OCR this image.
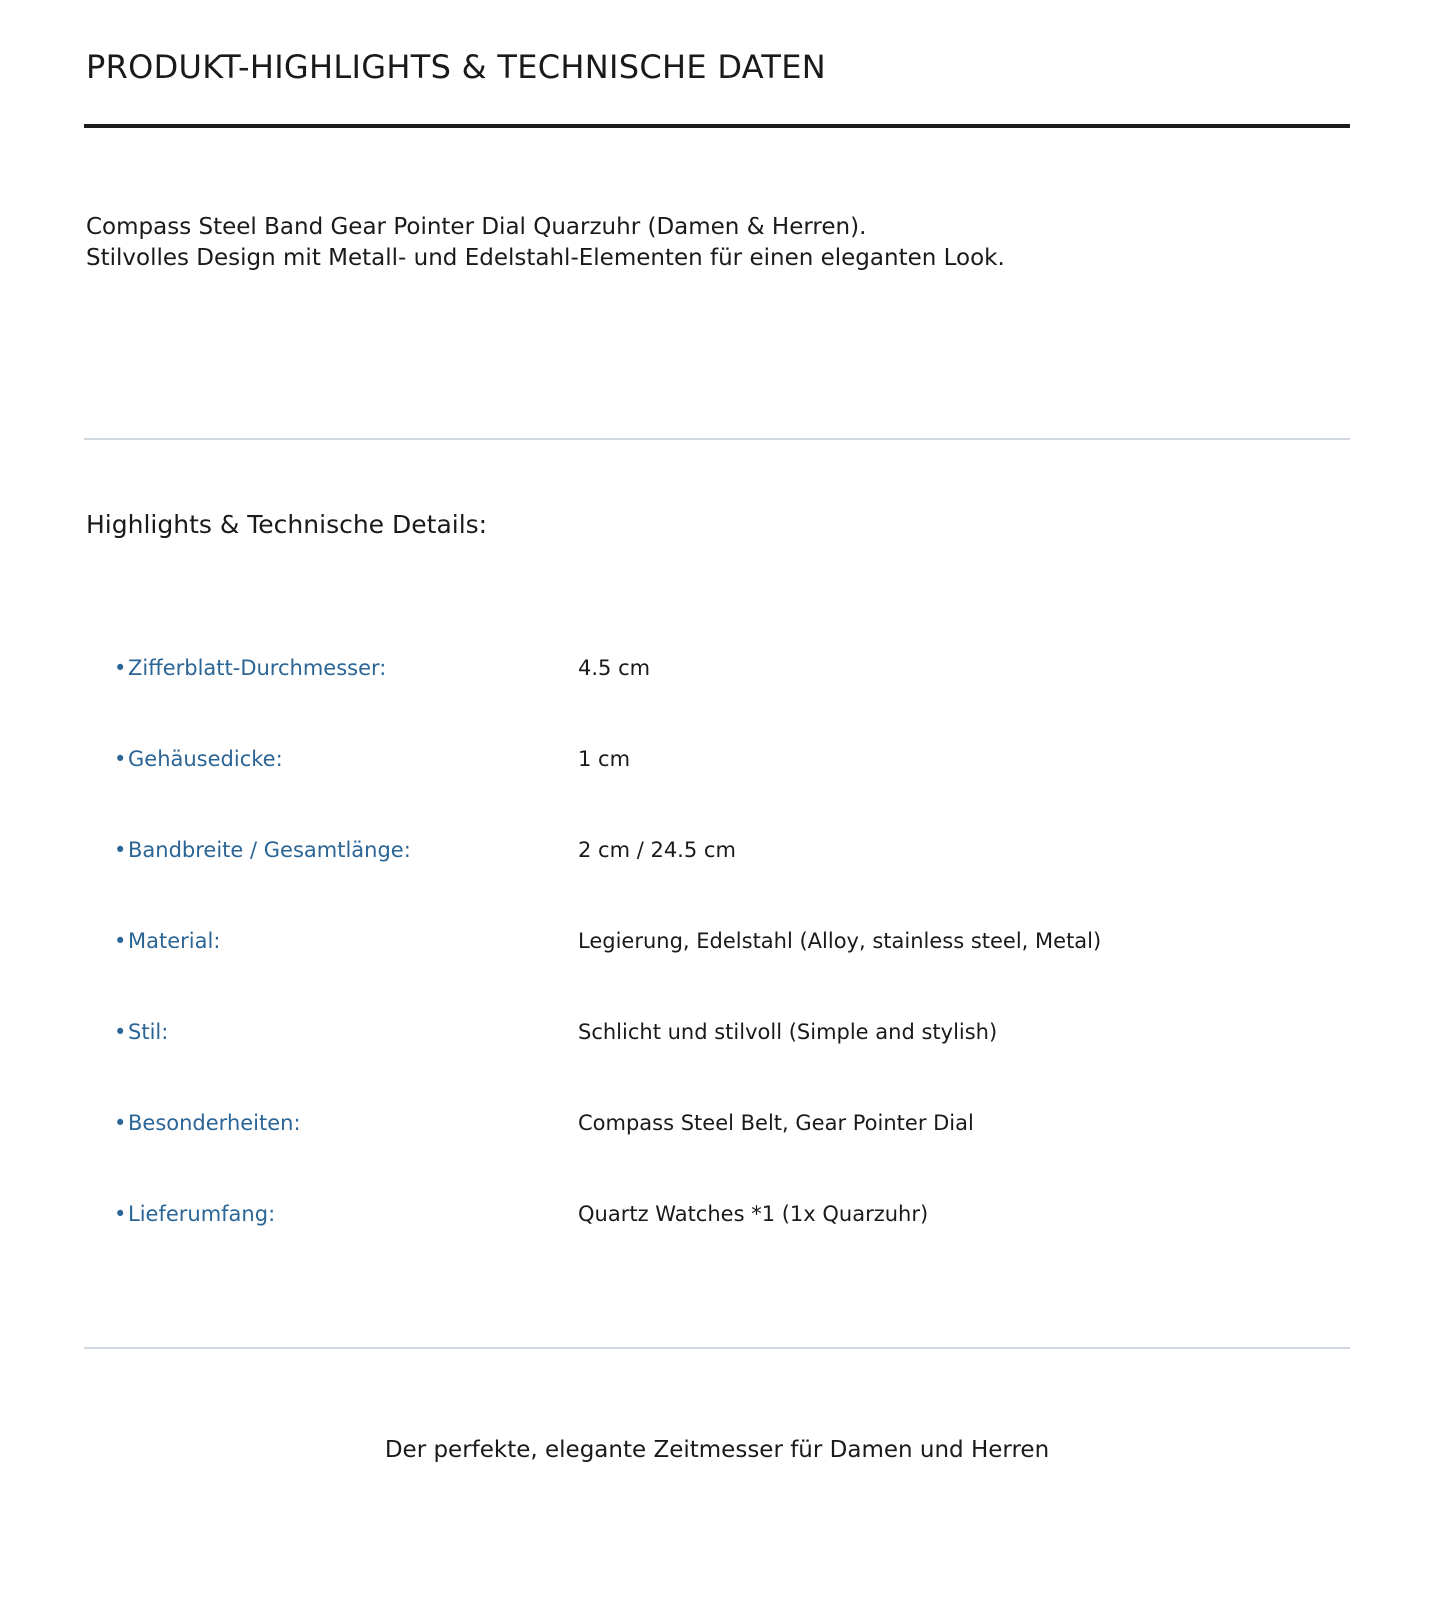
PRODUKT-HIGHLIGHTS & TECHNISCHE DATEN
Compass Steel Band Gear Pointer Dial Quarzuhr (Damen & Herren).
Stilvolles Design mit Metall- und Edelstahl-Elementen für einen eleganten Look.
Highlights & Technische Details:
•Zifferblatt-Durchmesser:	4.5 cm
•Gehäusedicke:	1 cm
•Bandbreite / Gesamtlänge:	2 cm / 24.5 cm
•Material:	Legierung, Edelstahl (Alloy, stainless steel, Metal)
•Stil:	Schlicht und stilvoll (Simple and stylish)
•Besonderheiten:	Compass Steel Belt, Gear Pointer Dial
•Lieferumfang:	Quartz Watches *1 (1x Quarzuhr)

Der perfekte, elegante Zeitmesser für Damen und Herren
